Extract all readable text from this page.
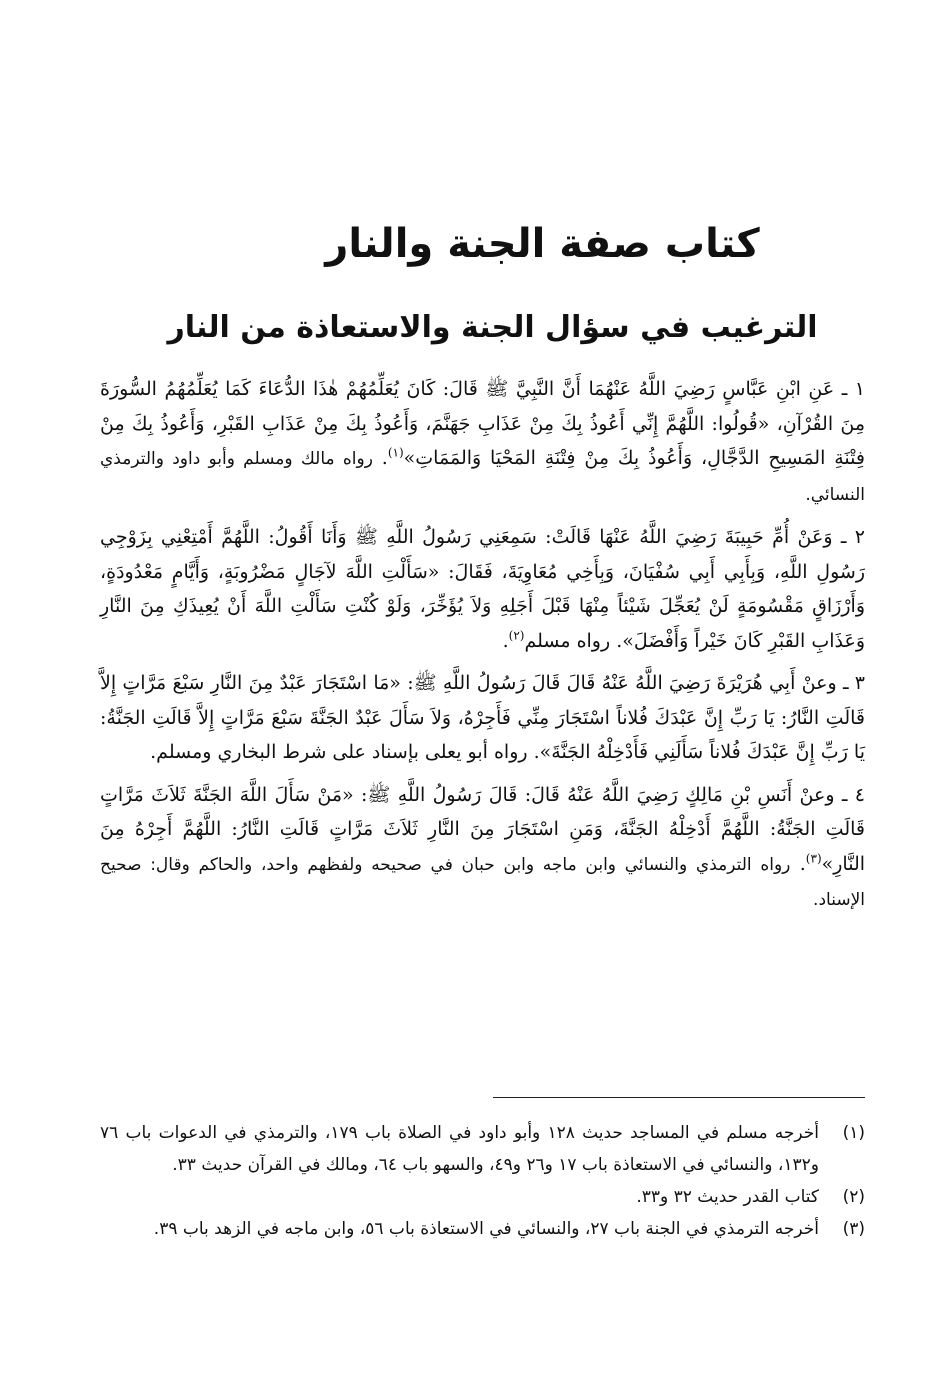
كتاب صفة الجنة والنار
الترغيب في سؤال الجنة والاستعاذة من النار

١ ـ عَنِ ابْنِ عَبَّاسٍ رَضِيَ اللَّهُ عَنْهُمَا أَنَّ النَّبِيَّ ﷺ قَالَ: كَانَ يُعَلِّمُهُمْ هٰذَا الدُّعَاءَ كَمَا يُعَلِّمُهُمُ السُّورَةَ مِنَ القُرْآنِ، «قُولُوا: اللَّهُمَّ إِنِّي أَعُوذُ بِكَ مِنْ عَذَابِ جَهَنَّمَ، وَأَعُوذُ بِكَ مِنْ عَذَابِ القَبْرِ، وَأَعُوذُ بِكَ مِنْ فِتْنَةِ المَسِيحِ الدَّجَّالِ، وَأَعُوذُ بِكَ مِنْ فِتْنَةِ المَحْيَا وَالمَمَاتِ»$^{(١)}$. رواه مالك ومسلم وأبو داود والترمذي النسائي.

٢ ـ وَعَنْ أُمِّ حَبِيبَةَ رَضِيَ اللَّهُ عَنْهَا قَالَتْ: سَمِعَنِي رَسُولُ اللَّهِ ﷺ وَأَنَا أَقُولُ: اللَّهُمَّ أَمْتِعْنِي بِزَوْجِي رَسُولِ اللَّهِ، وَبِأَبِي أَبِي سُفْيَانَ، وَبِأَخِي مُعَاوِيَةَ، فَقَالَ: «سَأَلْتِ اللَّهَ لآجَالٍ مَضْرُوبَةٍ، وَأَيَّامٍ مَعْدُودَةٍ، وَأَرْزَاقٍ مَقْسُومَةٍ لَنْ يُعَجِّلَ شَيْئاً مِنْهَا قَبْلَ أَجَلِهِ وَلاَ يُؤَخِّرَ، وَلَوْ كُنْتِ سَأَلْتِ اللَّهَ أَنْ يُعِيذَكِ مِنَ النَّارِ وَعَذَابِ القَبْرِ كَانَ خَيْراً وَأَفْضَلَ». رواه مسلم$^{(٢)}$.

٣ ـ وعنْ أَبِي هُرَيْرَةَ رَضِيَ اللَّهُ عَنْهُ قَالَ قَالَ رَسُولُ اللَّهِ ﷺ: «مَا اسْتَجَارَ عَبْدٌ مِنَ النَّارِ سَبْعَ مَرَّاتٍ إِلاَّ قَالَتِ النَّارُ: يَا رَبِّ إِنَّ عَبْدَكَ فُلاناً اسْتَجَارَ مِنِّي فَأَجِرْهُ، وَلاَ سَأَلَ عَبْدٌ الجَنَّةَ سَبْعَ مَرَّاتٍ إِلاَّ قَالَتِ الجَنَّةُ: يَا رَبِّ إِنَّ عَبْدَكَ فُلاناً سَأَلَنِي فَأَدْخِلْهُ الجَنَّةَ». رواه أبو يعلى بإسناد على شرط البخاري ومسلم.

٤ ـ وعنْ أَنَسِ بْنِ مَالِكٍ رَضِيَ اللَّهُ عَنْهُ قَالَ: قَالَ رَسُولُ اللَّهِ ﷺ: «مَنْ سَأَلَ اللَّهَ الجَنَّةَ ثَلاَثَ مَرَّاتٍ قَالَتِ الجَنَّةُ: اللَّهُمَّ أَدْخِلْهُ الجَنَّةَ، وَمَنِ اسْتَجَارَ مِنَ النَّارِ ثَلاَثَ مَرَّاتٍ قَالَتِ النَّارُ: اللَّهُمَّ أَجِرْهُ مِنَ النَّارِ»$^{(٣)}$. رواه الترمذي والنسائي وابن ماجه وابن حبان في صحيحه ولفظهم واحد، والحاكم وقال: صحيح الإسناد.

(١)
أخرجه مسلم في المساجد حديث ١٢٨ وأبو داود في الصلاة باب ١٧٩، والترمذي في الدعوات باب ٧٦ و١٣٢، والنسائي في الاستعاذة باب ١٧ و٢٦ و٤٩، والسهو باب ٦٤، ومالك في القرآن حديث ٣٣.
(٢)
كتاب القدر حديث ٣٢ و٣٣.
(٣)
أخرجه الترمذي في الجنة باب ٢٧، والنسائي في الاستعاذة باب ٥٦، وابن ماجه في الزهد باب ٣٩.
